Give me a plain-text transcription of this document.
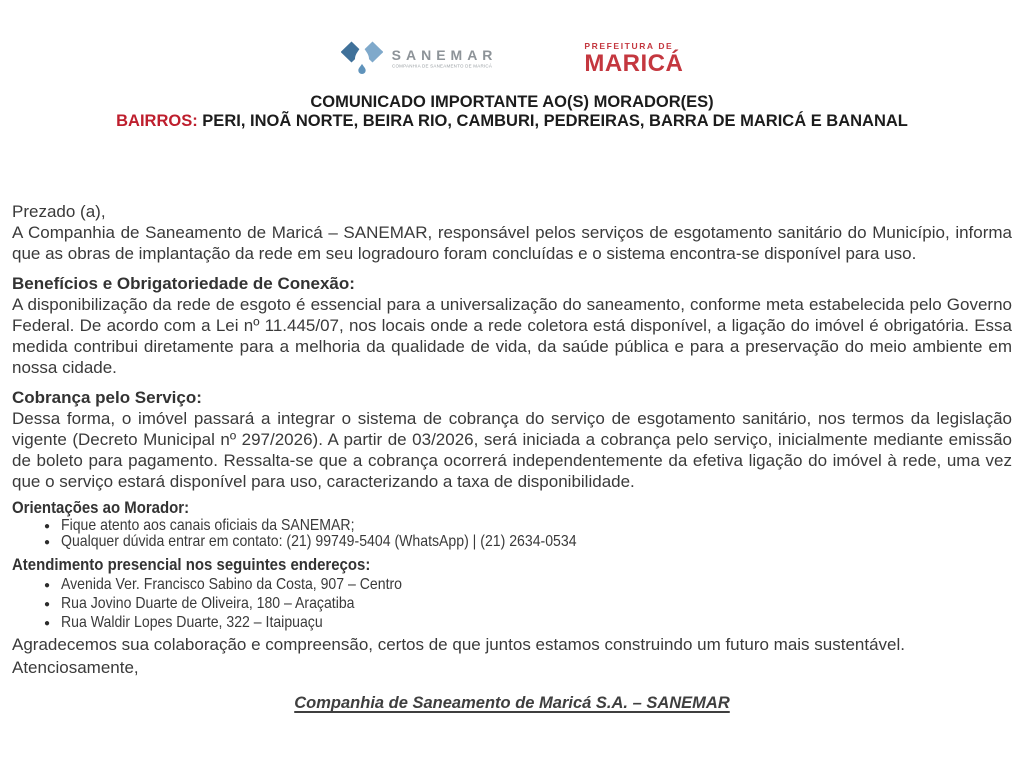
SANEMAR
COMPANHIA DE SANEAMENTO DE MARICÁ
PREFEITURA DE
MARICÁ
COMUNICADO IMPORTANTE AO(S) MORADOR(ES)
BAIRROS: PERI, INOÃ NORTE, BEIRA RIO, CAMBURI, PEDREIRAS, BARRA DE MARICÁ E BANANAL

Prezado (a),

A Companhia de Saneamento de Maricá – SANEMAR, responsável pelos serviços de esgotamento sanitário do Município, informa que as obras de implantação da rede em seu logradouro foram concluídas e o sistema encontra-se disponível para uso.

Benefícios e Obrigatoriedade de Conexão:

A disponibilização da rede de esgoto é essencial para a universalização do saneamento, conforme meta estabelecida pelo Governo Federal. De acordo com a Lei nº 11.445/07, nos locais onde a rede coletora está disponível, a ligação do imóvel é obrigatória. Essa medida contribui diretamente para a melhoria da qualidade de vida, da saúde pública e para a preservação do meio ambiente em nossa cidade.

Cobrança pelo Serviço:

Dessa forma, o imóvel passará a integrar o sistema de cobrança do serviço de esgotamento sanitário, nos termos da legislação vigente (Decreto Municipal nº 297/2026). A partir de 03/2026, será iniciada a cobrança pelo serviço, inicialmente mediante emissão de boleto para pagamento. Ressalta-se que a cobrança ocorrerá independentemente da efetiva ligação do imóvel à rede, uma vez que o serviço estará disponível para uso, caracterizando a taxa de disponibilidade.

Orientações ao Morador:
● Fique atento aos canais oficiais da SANEMAR;
● Qualquer dúvida entrar em contato: (21) 99749-5404 (WhatsApp) | (21) 2634-0534
Atendimento presencial nos seguintes endereços:
● Avenida Ver. Francisco Sabino da Costa, 907 – Centro
● Rua Jovino Duarte de Oliveira, 180 – Araçatiba
● Rua Waldir Lopes Duarte, 322 – Itaipuaçu

Agradecemos sua colaboração e compreensão, certos de que juntos estamos construindo um futuro mais sustentável.

Atenciosamente,

Companhia de Saneamento de Maricá S.A. – SANEMAR
